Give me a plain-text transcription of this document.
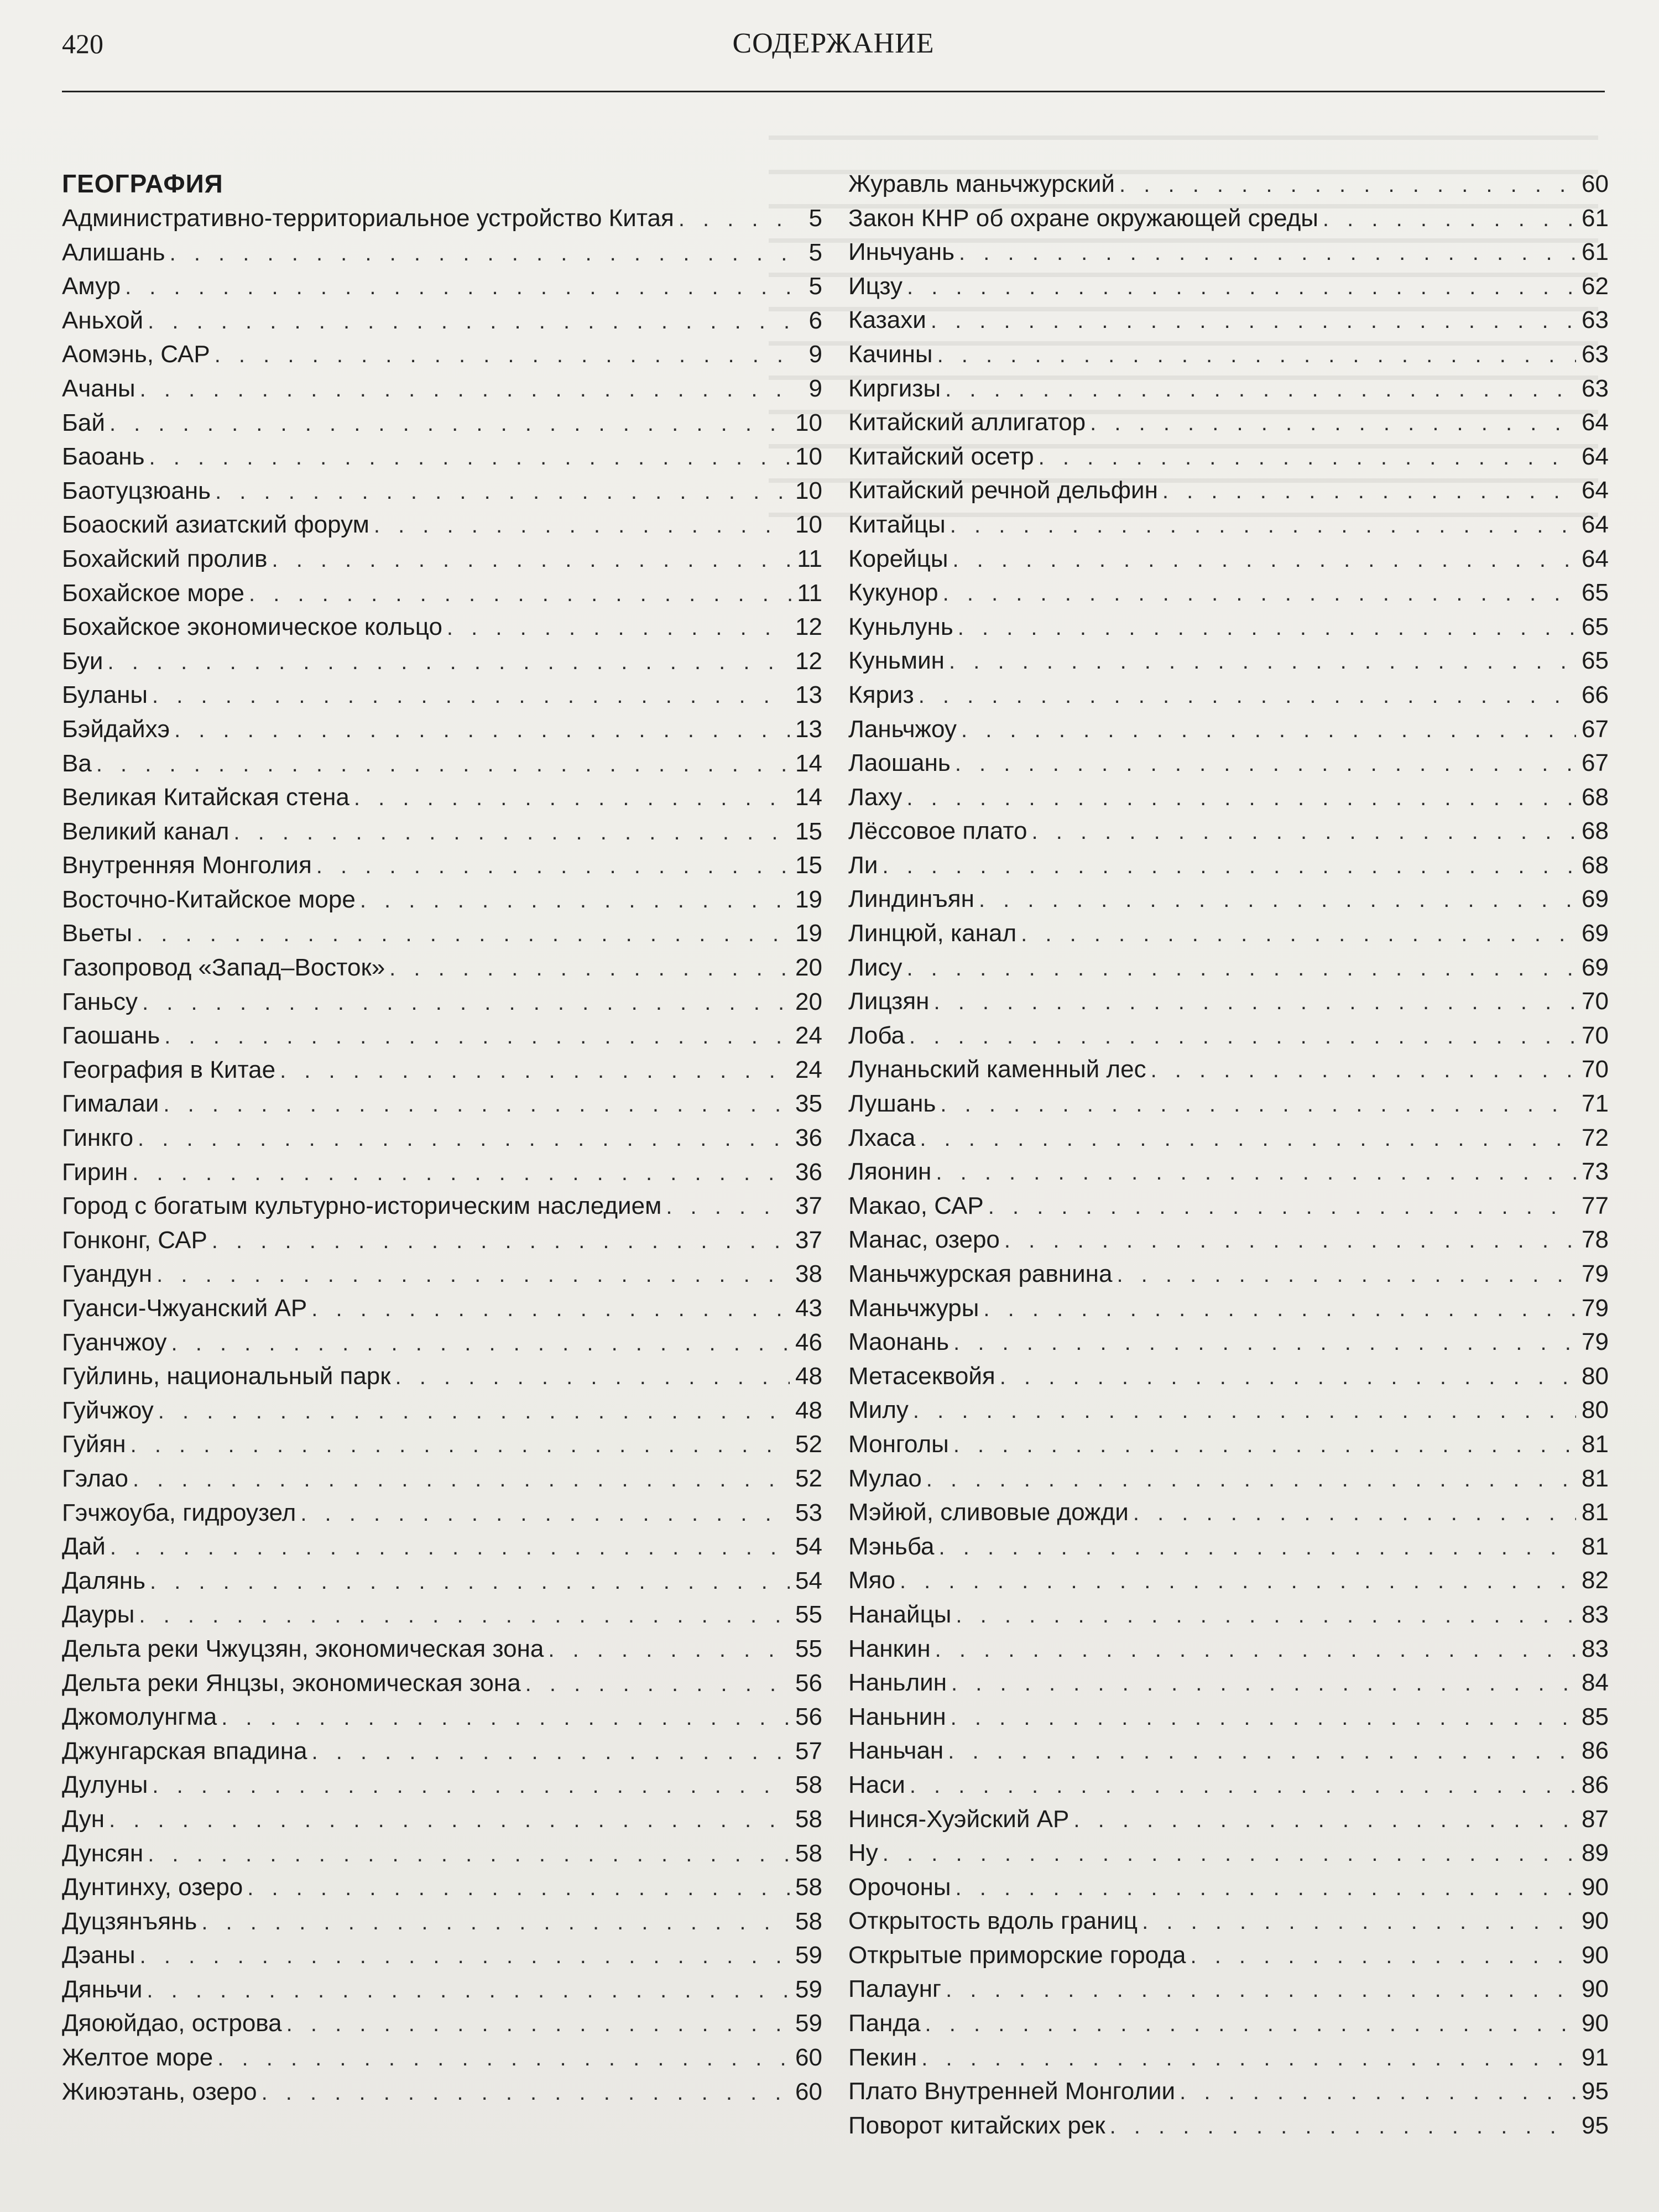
420	СОДЕРЖАНИЕ
ГЕОГРАФИЯ
Административно-территориальное устройство Китая . . .	5
Алишань . . .	5
Амур . . .	5
Аньхой . . .	6
Аомэнь, САР . . .	9
Ачаны . . .	9
Бай . . .	10
Баоань . . .	10
Баотуцзюань . . .	10
Боаоский азиатский форум . . .	10
Бохайский пролив . . .	11
Бохайское море . . .	11
Бохайское экономическое кольцо . . .	12
Буи . . .	12
Буланы . . .	13
Бэйдайхэ . . .	13
Ва . . .	14
Великая Китайская стена . . .	14
Великий канал . . .	15
Внутренняя Монголия . . .	15
Восточно-Китайское море . . .	19
Вьеты . . .	19
Газопровод «Запад–Восток» . . .	20
Ганьсу . . .	20
Гаошань . . .	24
География в Китае . . .	24
Гималаи . . .	35
Гинкго . . .	36
Гирин . . .	36
Город с богатым культурно-историческим наследием . . .	37
Гонконг, САР . . .	37
Гуандун . . .	38
Гуанси-Чжуанский АР . . .	43
Гуанчжоу . . .	46
Гуйлинь, национальный парк . . .	48
Гуйчжоу . . .	48
Гуйян . . .	52
Гэлао . . .	52
Гэчжоуба, гидроузел . . .	53
Дай . . .	54
Далянь . . .	54
Дауры . . .	55
Дельта реки Чжуцзян, экономическая зона . . .	55
Дельта реки Янцзы, экономическая зона . . .	56
Джомолунгма . . .	56
Джунгарская впадина . . .	57
Дулуны . . .	58
Дун . . .	58
Дунсян . . .	58
Дунтинху, озеро . . .	58
Дуцзянъянь . . .	58
Дэаны . . .	59
Дяньчи . . .	59
Дяоюйдао, острова . . .	59
Желтое море . . .	60
Жиюэтань, озеро . . .	60
Журавль маньчжурский . . .	60
Закон КНР об охране окружающей среды . . .	61
Иньчуань . . .	61
Ицзу . . .	62
Казахи . . .	63
Качины . . .	63
Киргизы . . .	63
Китайский аллигатор . . .	64
Китайский осетр . . .	64
Китайский речной дельфин . . .	64
Китайцы . . .	64
Корейцы . . .	64
Кукунор . . .	65
Куньлунь . . .	65
Куньмин . . .	65
Кяриз . . .	66
Ланьчжоу . . .	67
Лаошань . . .	67
Лаху . . .	68
Лёссовое плато . . .	68
Ли . . .	68
Линдинъян . . .	69
Линцюй, канал . . .	69
Лису . . .	69
Лицзян . . .	70
Лоба . . .	70
Лунаньский каменный лес . . .	70
Лушань . . .	71
Лхаса . . .	72
Ляонин . . .	73
Макао, САР . . .	77
Манас, озеро . . .	78
Маньчжурская равнина . . .	79
Маньчжуры . . .	79
Маонань . . .	79
Метасеквойя . . .	80
Милу . . .	80
Монголы . . .	81
Мулао . . .	81
Мэйюй, сливовые дожди . . .	81
Мэньба . . .	81
Мяо . . .	82
Нанайцы . . .	83
Нанкин . . .	83
Наньлин . . .	84
Наньнин . . .	85
Наньчан . . .	86
Наси . . .	86
Нинся-Хуэйский АР . . .	87
Ну . . .	89
Орочоны . . .	90
Открытость вдоль границ . . .	90
Открытые приморские города . . .	90
Палаунг . . .	90
Панда . . .	90
Пекин . . .	91
Плато Внутренней Монголии . . .	95
Поворот китайских рек . . .	95
